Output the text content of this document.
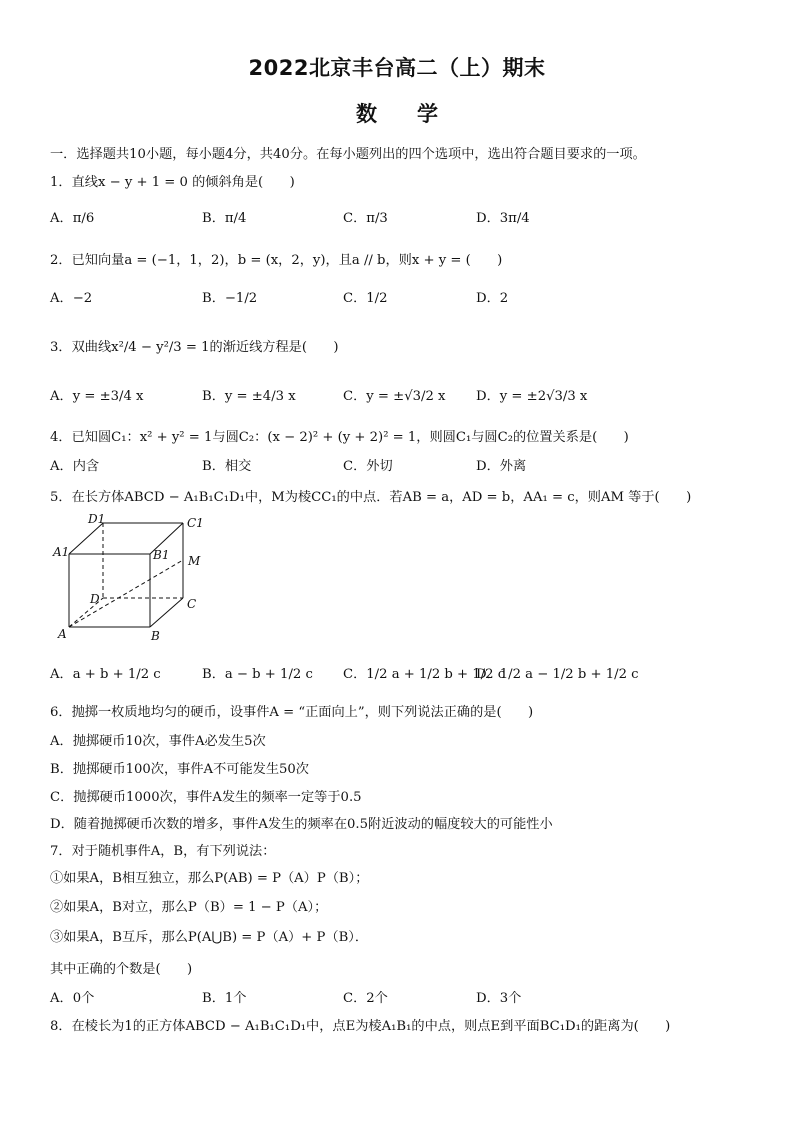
2022北京丰台高二（上）期末
数学
一．选择题共10小题，每小题4分，共40分。在每小题列出的四个选项中，选出符合题目要求的一项。
1．直线x − y + 1 = 0 的倾斜角是(　　)
A．π/6	B．π/4	C．π/3	D．3π/4
2．已知向量a = (−1，1，2)，b = (x，2，y)，且a // b，则x + y = (　　)
A．−2	B．−1/2	C．1/2	D．2
3．双曲线x²/4 − y²/3 = 1的渐近线方程是(　　)
A．y = ±3/4 x	B．y = ±4/3 x	C．y = ±√3/2 x D．y = ±2√3/3 x
4．已知圆C₁：x² + y² = 1与圆C₂：(x − 2)² + (y + 2)² = 1，则圆C₁与圆C₂的位置关系是(　　)
A．内含	B．相交	C．外切	D．外离
5．在长方体ABCD − A₁B₁C₁D₁中，M为棱CC₁的中点．若AB = a，AD = b，AA₁ = c，则AM 等于(　　)
D1	C1
A1	B1 M
D	C
A	B
A．a + b + 1/2 c	B．a − b + 1/2 c C．1/2 a + 1/2 b + 1/2 c
D．1/2 a − 1/2 b + 1/2 c
6．抛掷一枚质地均匀的硬币，设事件A = “正面向上”，则下列说法正确的是(　　)
A．抛掷硬币10次，事件A必发生5次
B．抛掷硬币100次，事件A不可能发生50次
C．抛掷硬币1000次，事件A发生的频率一定等于0.5
D．随着抛掷硬币次数的增多，事件A发生的频率在0.5附近波动的幅度较大的可能性小
7．对于随机事件A，B，有下列说法：
①如果A，B相互独立，那么P(AB) = P（A）P（B）；
②如果A，B对立，那么P（B）= 1 − P（A）；
③如果A，B互斥，那么P(A⋃B) = P（A）+ P（B）．
其中正确的个数是(　　)
A．0个	B．1个	C．2个	D．3个
8．在棱长为1的正方体ABCD − A₁B₁C₁D₁中，点E为棱A₁B₁的中点，则点E到平面BC₁D₁的距离为(　　)
